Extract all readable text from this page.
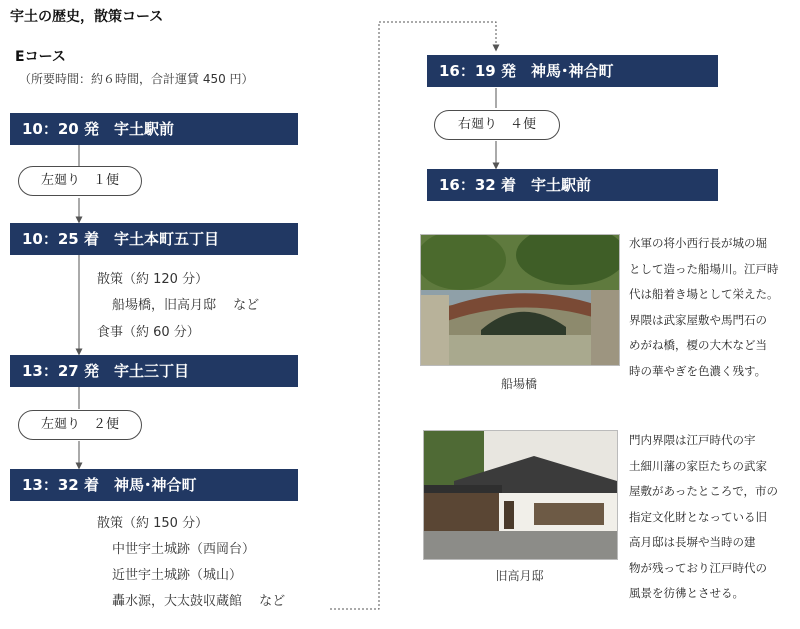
宇土の歴史，散策コース
Eコース
（所要時間：約６時間，合計運賃 450 円）
10：20 発　宇土駅前
左廻り　１便
10：25 着　宇土本町五丁目
散策（約 120 分）
船場橋，旧高月邸　 など
食事（約 60 分）
13：27 発　宇土三丁目
左廻り　２便
13：32 着　神馬･神合町
散策（約 150 分）
中世宇土城跡（西岡台）
近世宇土城跡（城山）
轟水源，大太鼓収蔵館　 など
16：19 発　神馬･神合町
右廻り　４便
16：32 着　宇土駅前
船場橋
水軍の将小西行長が城の堀
として造った船場川。江戸時
代は船着き場として栄えた。
界隈は武家屋敷や馬門石の
めがね橋，榎の大木など当
時の華やぎを色濃く残す。
旧高月邸
門内界隈は江戸時代の宇
土細川藩の家臣たちの武家
屋敷があったところで，市の
指定文化財となっている旧
高月邸は長塀や当時の建
物が残っており江戸時代の
風景を彷彿とさせる。
